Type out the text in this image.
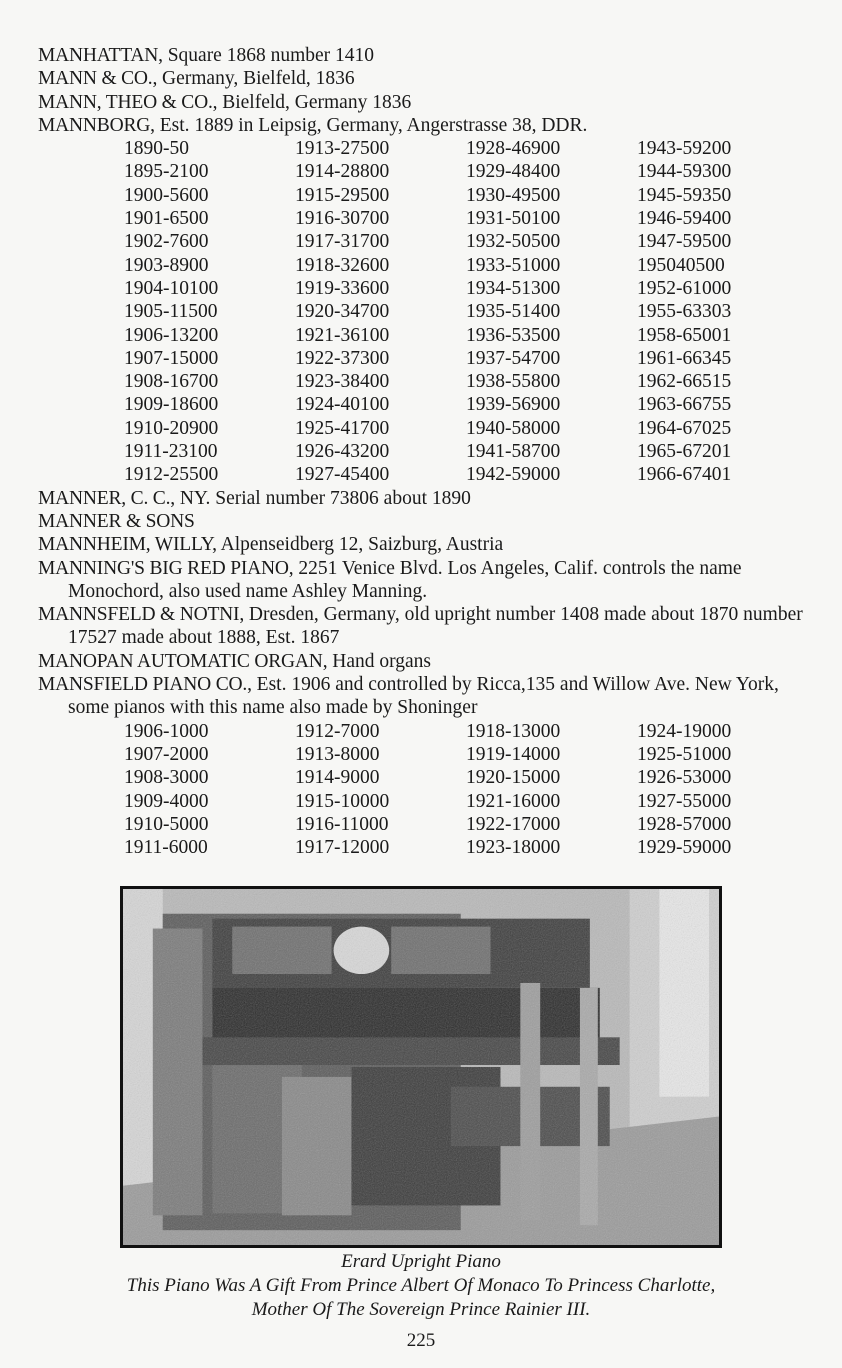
MANHATTAN, Square 1868 number 1410

MANN & CO., Germany, Bielfeld, 1836

MANN, THEO & CO., Bielfeld, Germany 1836

MANNBORG, Est. 1889 in Leipsig, Germany, Angerstrasse 38, DDR.

1890-50	1913-27500	1928-46900	1943-59200
1895-2100	1914-28800	1929-48400	1944-59300
1900-5600	1915-29500	1930-49500	1945-59350
1901-6500	1916-30700	1931-50100	1946-59400
1902-7600	1917-31700	1932-50500	1947-59500
1903-8900	1918-32600	1933-51000	195040500
1904-10100	1919-33600	1934-51300	1952-61000
1905-11500	1920-34700	1935-51400	1955-63303
1906-13200	1921-36100	1936-53500	1958-65001
1907-15000	1922-37300	1937-54700	1961-66345
1908-16700	1923-38400	1938-55800	1962-66515
1909-18600	1924-40100	1939-56900	1963-66755
1910-20900	1925-41700	1940-58000	1964-67025
1911-23100	1926-43200	1941-58700	1965-67201
1912-25500	1927-45400	1942-59000	1966-67401

MANNER, C. C., NY. Serial number 73806 about 1890

MANNER & SONS

MANNHEIM, WILLY, Alpenseidberg 12, Saizburg, Austria

MANNING'S BIG RED PIANO, 2251 Venice Blvd. Los Angeles, Calif. controls the name Monochord, also used name Ashley Manning.

MANNSFELD & NOTNI, Dresden, Germany, old upright number 1408 made about 1870 number 17527 made about 1888, Est. 1867

MANOPAN AUTOMATIC ORGAN, Hand organs

MANSFIELD PIANO CO., Est. 1906 and controlled by Ricca,135 and Willow Ave. New York, some pianos with this name also made by Shoninger

1906-1000	1912-7000	1918-13000	1924-19000
1907-2000	1913-8000	1919-14000	1925-51000
1908-3000	1914-9000	1920-15000	1926-53000
1909-4000	1915-10000	1921-16000	1927-55000
1910-5000	1916-11000	1922-17000	1928-57000
1911-6000	1917-12000	1923-18000	1929-59000
Erard Upright Piano
This Piano Was A Gift From Prince Albert Of Monaco To Princess Charlotte,
Mother Of The Sovereign Prince Rainier III.
225
